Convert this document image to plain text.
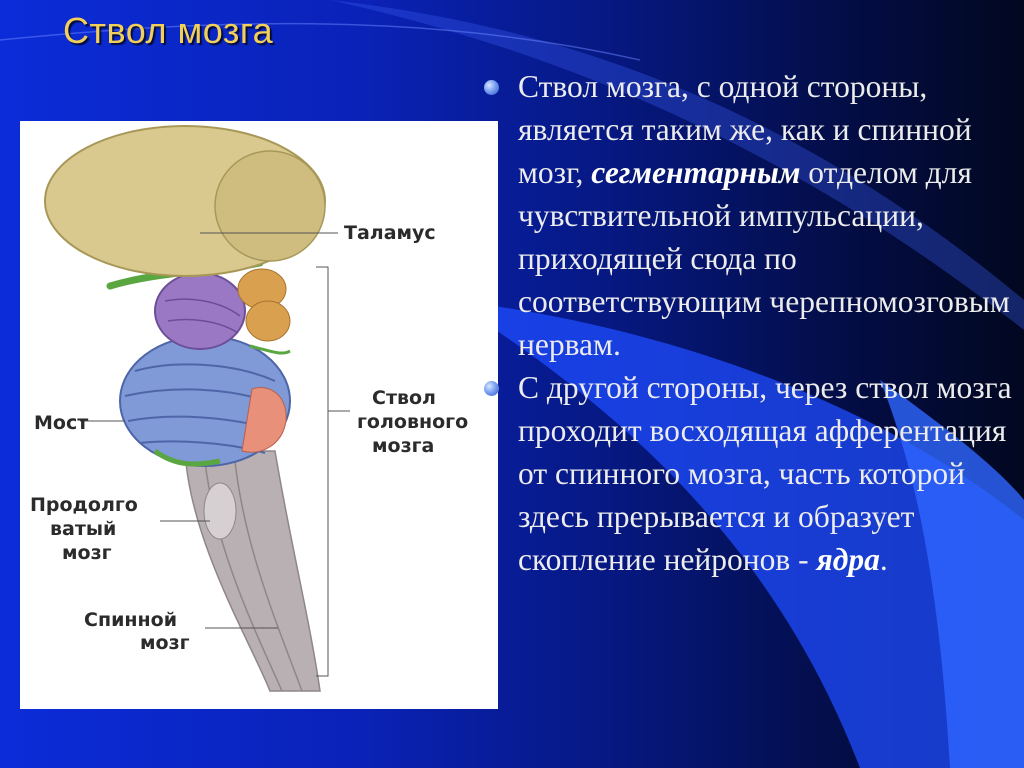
Ствол мозга
Таламус
Ствол
головного
мозга
Мост
Продолго
ватый
мозг
Спинной
мозг
Ствол мозга, с одной стороны, является таким же, как и спинной мозг, сегментарным отделом для чувствительной импульсации, приходящей сюда по соответствующим черепномозговым нервам.
С другой стороны, через ствол мозга проходит восходящая афферентация от спинного мозга, часть которой здесь прерывается и образует скопление нейронов - ядра.
